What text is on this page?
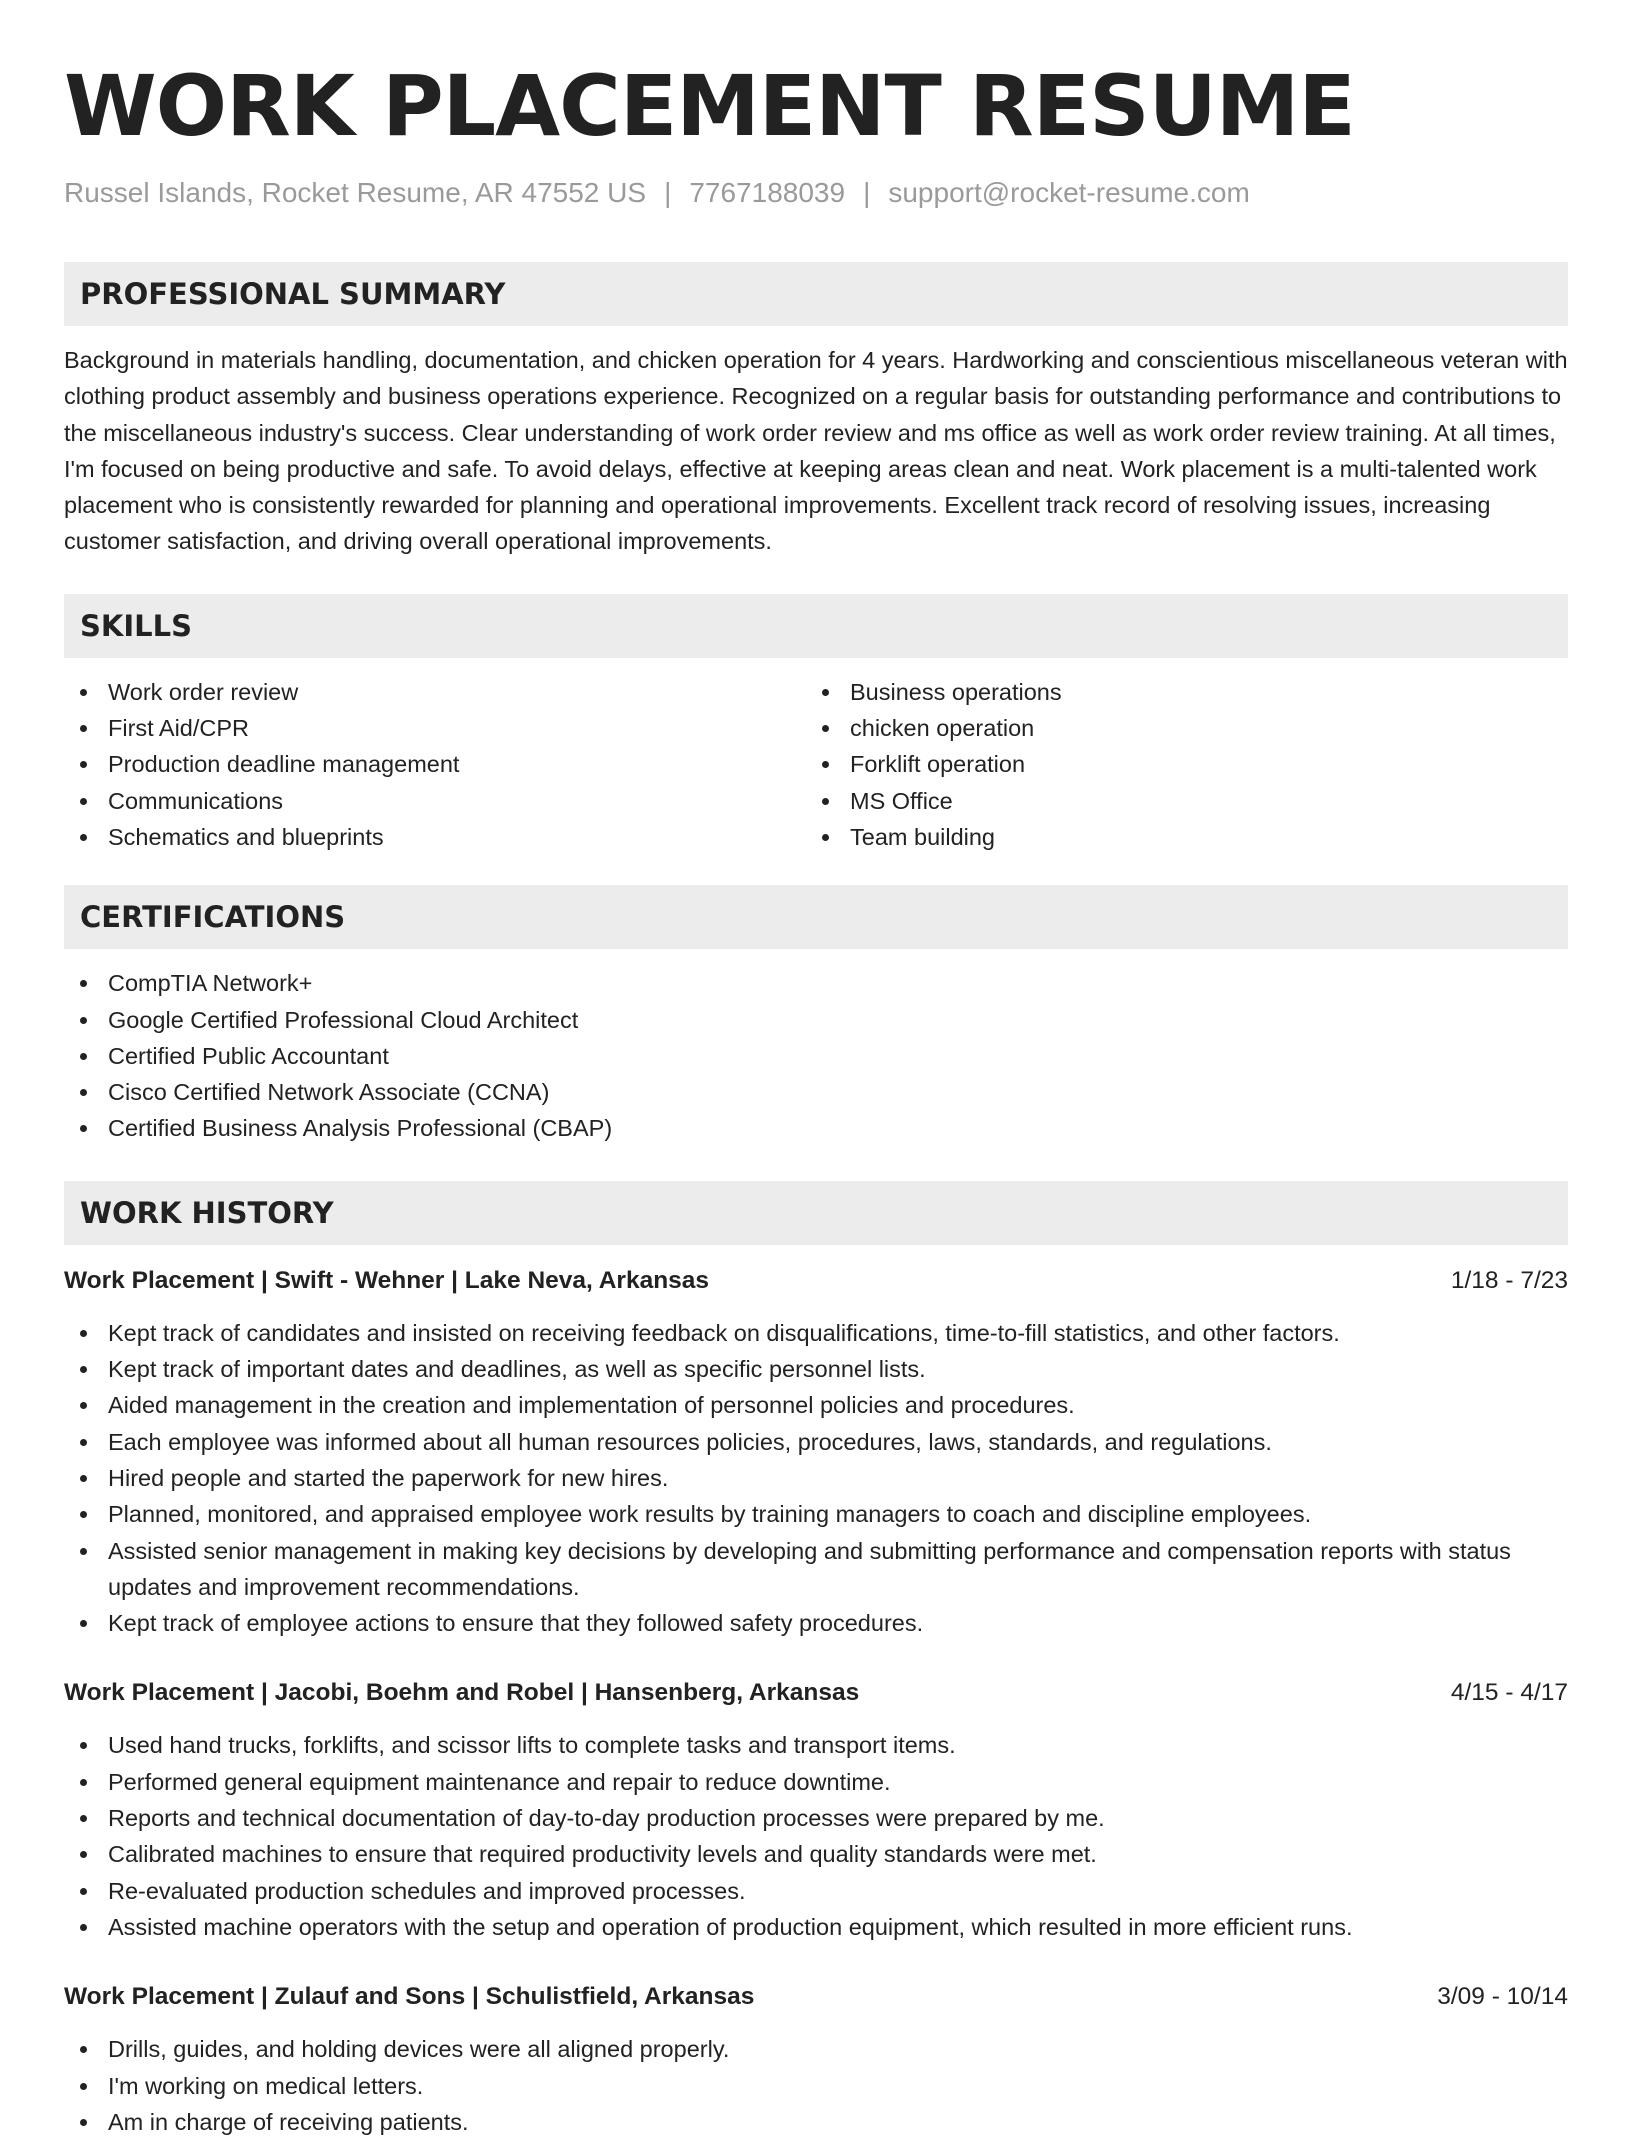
WORK PLACEMENT RESUME
Russel Islands, Rocket Resume, AR 47552 US | 7767188039 | support@rocket-resume.com
PROFESSIONAL SUMMARY
Background in materials handling, documentation, and chicken operation for 4 years. Hardworking and conscientious miscellaneous veteran with clothing product assembly and business operations experience. Recognized on a regular basis for outstanding performance and contributions to the miscellaneous industry's success. Clear understanding of work order review and ms office as well as work order review training. At all times, I'm focused on being productive and safe. To avoid delays, effective at keeping areas clean and neat. Work placement is a multi-talented work placement who is consistently rewarded for planning and operational improvements. Excellent track record of resolving issues, increasing customer satisfaction, and driving overall operational improvements.
SKILLS
Work order review
First Aid/CPR
Production deadline management
Communications
Schematics and blueprints
Business operations
chicken operation
Forklift operation
MS Office
Team building
CERTIFICATIONS
CompTIA Network+
Google Certified Professional Cloud Architect
Certified Public Accountant
Cisco Certified Network Associate (CCNA)
Certified Business Analysis Professional (CBAP)
WORK HISTORY
Work Placement | Swift - Wehner | Lake Neva, Arkansas	1/18 - 7/23
Kept track of candidates and insisted on receiving feedback on disqualifications, time-to-fill statistics, and other factors.
Kept track of important dates and deadlines, as well as specific personnel lists.
Aided management in the creation and implementation of personnel policies and procedures.
Each employee was informed about all human resources policies, procedures, laws, standards, and regulations.
Hired people and started the paperwork for new hires.
Planned, monitored, and appraised employee work results by training managers to coach and discipline employees.
Assisted senior management in making key decisions by developing and submitting performance and compensation reports with status updates and improvement recommendations.
Kept track of employee actions to ensure that they followed safety procedures.
Work Placement | Jacobi, Boehm and Robel | Hansenberg, Arkansas	4/15 - 4/17
Used hand trucks, forklifts, and scissor lifts to complete tasks and transport items.
Performed general equipment maintenance and repair to reduce downtime.
Reports and technical documentation of day-to-day production processes were prepared by me.
Calibrated machines to ensure that required productivity levels and quality standards were met.
Re-evaluated production schedules and improved processes.
Assisted machine operators with the setup and operation of production equipment, which resulted in more efficient runs.
Work Placement | Zulauf and Sons | Schulistfield, Arkansas	3/09 - 10/14
Drills, guides, and holding devices were all aligned properly.
I'm working on medical letters.
Am in charge of receiving patients.
